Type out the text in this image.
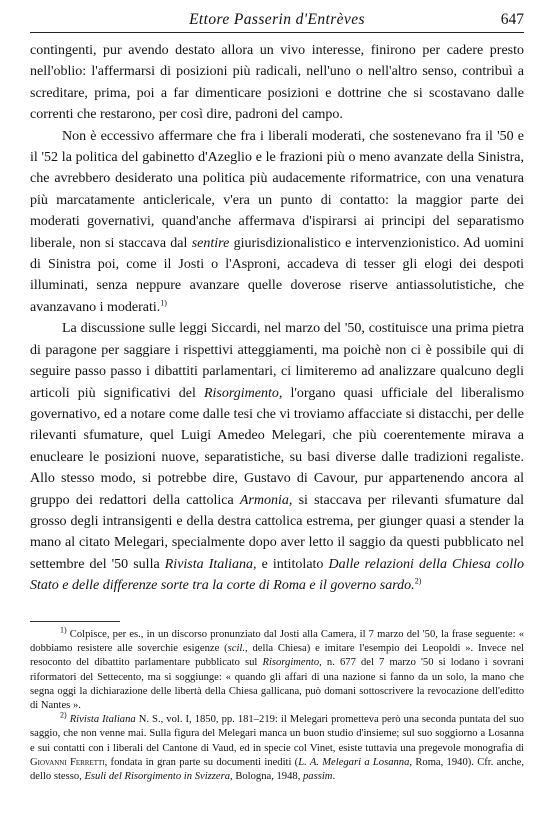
Ettore Passerin d'Entrèves	647

contingenti, pur avendo destato allora un vivo interesse, finirono per cadere presto nell'oblio: l'affermarsi di posizioni più radicali, nell'uno o nell'altro senso, contribuì a screditare, prima, poi a far dimenticare posizioni e dottrine che si scostavano dalle correnti che restarono, per così dire, padroni del campo.

Non è eccessivo affermare che fra i liberali moderati, che sostenevano fra il '50 e il '52 la politica del gabinetto d'Azeglio e le frazioni più o meno avanzate della Sinistra, che avrebbero desiderato una politica più audacemente riformatrice, con una venatura più marcatamente anticlericale, v'era un punto di contatto: la maggior parte dei moderati governativi, quand'anche affermava d'ispirarsi ai principi del separatismo liberale, non si staccava dal sentire giurisdizionalistico e intervenzionistico. Ad uomini di Sinistra poi, come il Josti o l'Asproni, accadeva di tesser gli elogi dei despoti illuminati, senza neppure avanzare quelle doverose riserve antiassolutistiche, che avanzavano i moderati.$^{1)}$

La discussione sulle leggi Siccardi, nel marzo del '50, costituisce una prima pietra di paragone per saggiare i rispettivi atteggiamenti, ma poichè non ci è possibile qui di seguire passo passo i dibattiti parlamentari, ci limiteremo ad analizzare qualcuno degli articoli più significativi del Risorgimento, l'organo quasi ufficiale del liberalismo governativo, ed a notare come dalle tesi che vi troviamo affacciate si distacchi, per delle rilevanti sfumature, quel Luigi Amedeo Melegari, che più coerentemente mirava a enucleare le posizioni nuove, separatistiche, su basi diverse dalle tradizioni regaliste. Allo stesso modo, si potrebbe dire, Gustavo di Cavour, pur appartenendo ancora al gruppo dei redattori della cattolica Armonia, si staccava per rilevanti sfumature dal grosso degli intransigenti e della destra cattolica estrema, per giunger quasi a stender la mano al citato Melegari, specialmente dopo aver letto il saggio da questi pubblicato nel settembre del '50 sulla Rivista Italiana, e intitolato Dalle relazioni della Chiesa collo Stato e delle differenze sorte tra la corte di Roma e il governo sardo.$^{2)}$

$^{1)}$ Colpisce, per es., in un discorso pronunziato dal Josti alla Camera, il 7 marzo del '50, la frase seguente: « dobbiamo resistere alle soverchie esigenze (scil., della Chiesa) e imitare l'esempio dei Leopoldi ». Invece nel resoconto del dibattito parlamentare pubblicato sul Risorgimento, n. 677 del 7 marzo '50 si lodano i sovrani riformatori del Settecento, ma si soggiunge: « quando gli affari di una nazione si fanno da un solo, la mano che segna oggi la dichiarazione delle libertà della Chiesa gallicana, può domani sottoscrivere la revocazione dell'editto di Nantes ».

$^{2)}$ Rivista Italiana N. S., vol. I, 1850, pp. 181–219: il Melegari prometteva però una seconda puntata del suo saggio, che non venne mai. Sulla figura del Melegari manca un buon studio d'insieme; sul suo soggiorno a Losanna e sui contatti con i liberali del Cantone di Vaud, ed in specie col Vinet, esiste tuttavia una pregevole monografia di Giovanni Ferretti, fondata in gran parte su documenti inediti (L. A. Melegari a Losanna, Roma, 1940). Cfr. anche, dello stesso, Esuli del Risorgimento in Svizzera, Bologna, 1948, passim.
